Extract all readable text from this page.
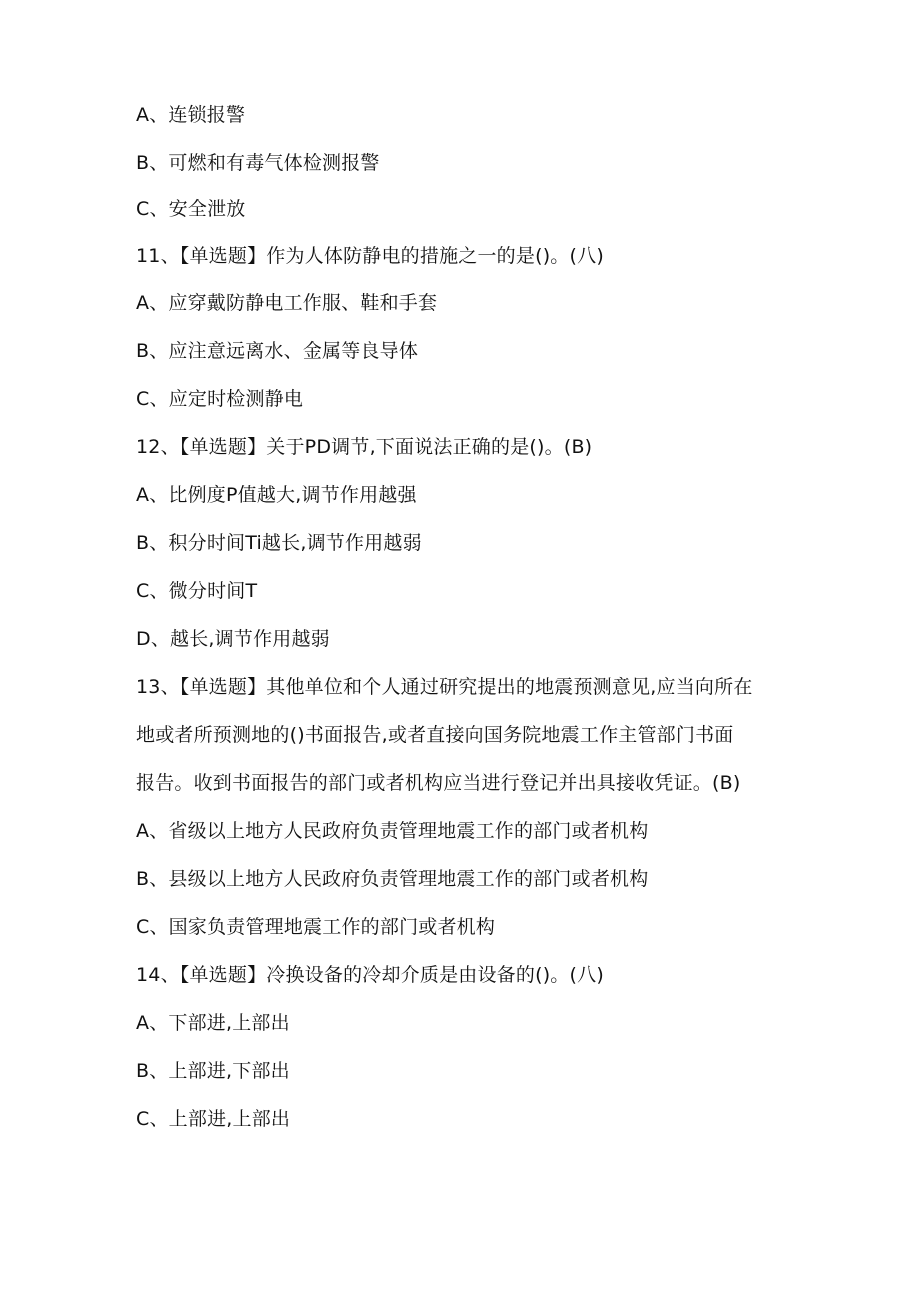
A、连锁报警
B、可燃和有毒气体检测报警
C、安全泄放
11、【单选题】作为人体防静电的措施之一的是()。(八)
A、应穿戴防静电工作服、鞋和手套
B、应注意远离水、金属等良导体
C、应定时检测静电
12、【单选题】关于PD调节,下面说法正确的是()。(B)
A、比例度P值越大,调节作用越强
B、积分时间Ti越长,调节作用越弱
C、微分时间T
D、越长,调节作用越弱
13、【单选题】其他单位和个人通过研究提出的地震预测意见,应当向所在
地或者所预测地的()书面报告,或者直接向国务院地震工作主管部门书面
报告。收到书面报告的部门或者机构应当进行登记并出具接收凭证。(B)
A、省级以上地方人民政府负责管理地震工作的部门或者机构
B、县级以上地方人民政府负责管理地震工作的部门或者机构
C、国家负责管理地震工作的部门或者机构
14、【单选题】冷换设备的冷却介质是由设备的()。(八)
A、下部进,上部出
B、上部进,下部出
C、上部进,上部出
